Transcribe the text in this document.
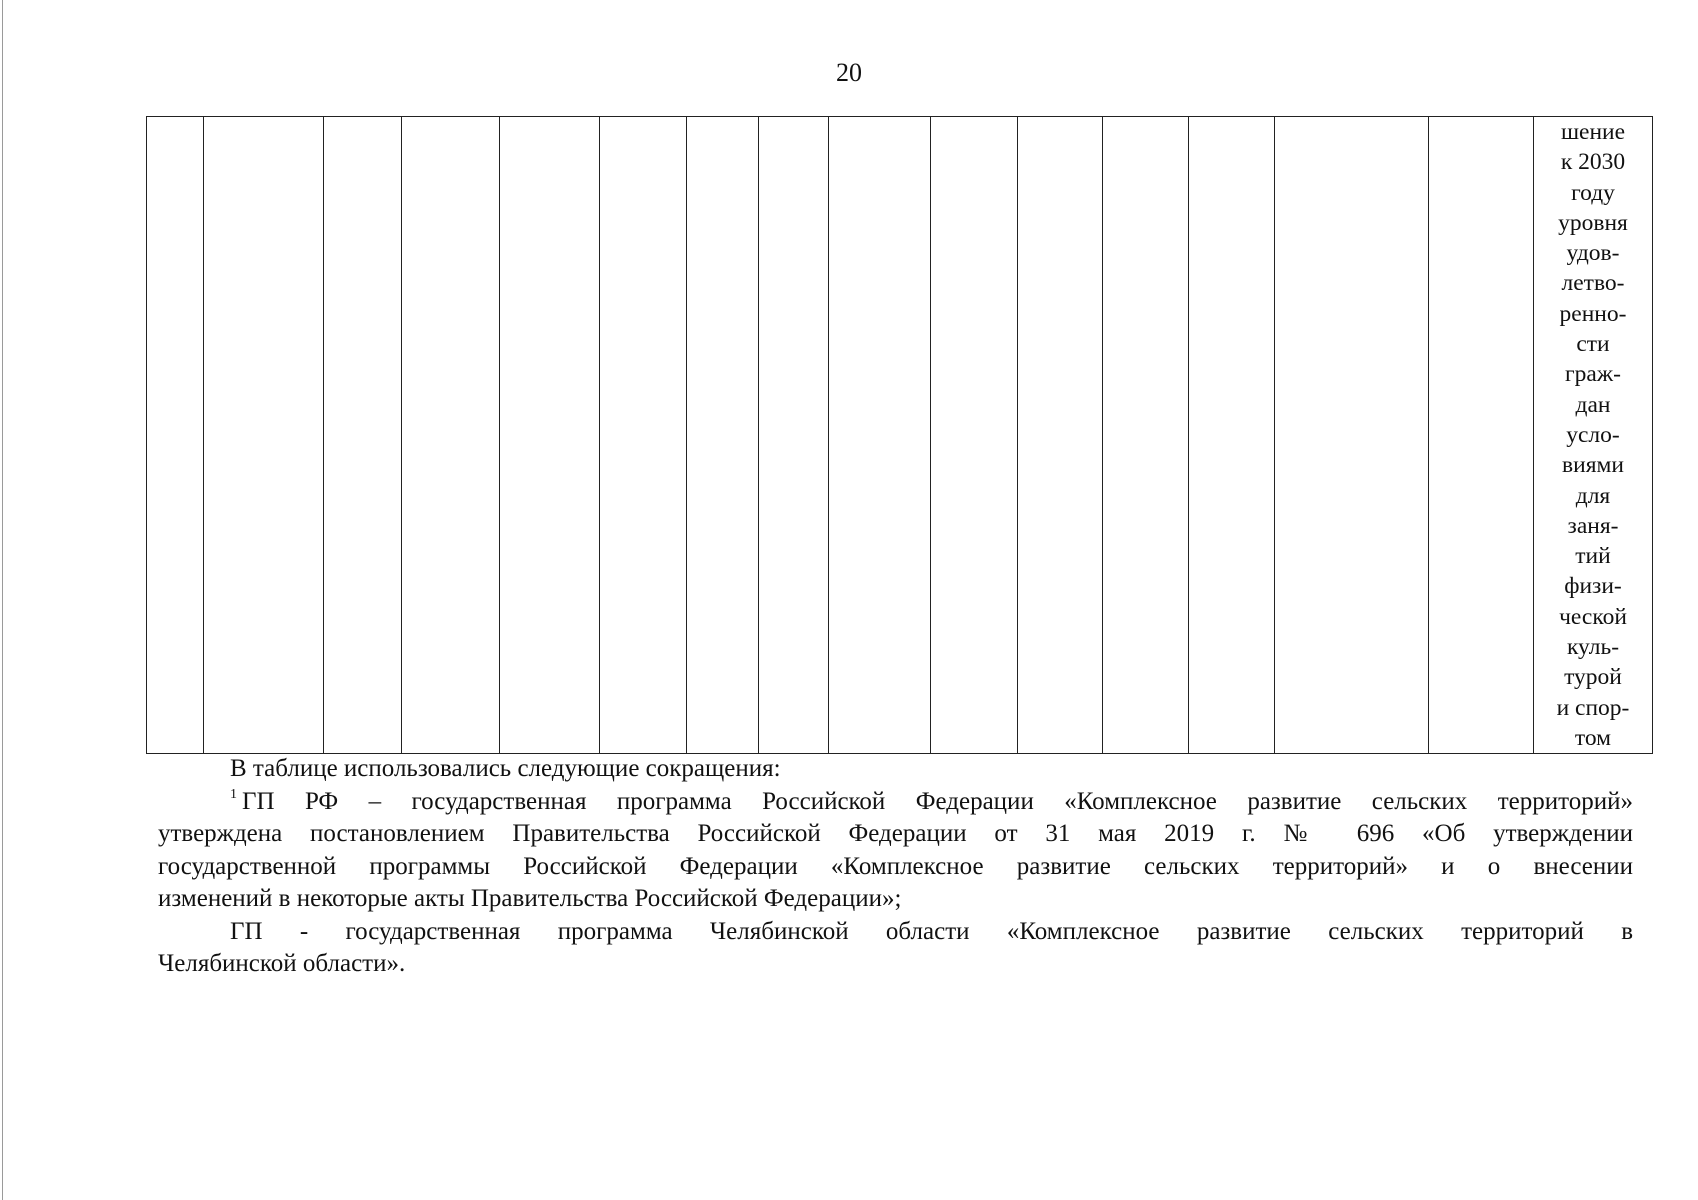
20

шение
к 2030
году
уровня
удов-
летво-
реннo-
сти
граж-
дан
усло-
виями
для
заня-
тий
физи-
ческой
куль-
турой
и спор-
том
В таблице использовались следующие сокращения:
$^1$ ГП РФ – государственная программа Российской Федерации «Комплексное развитие сельских территорий»
утверждена постановлением Правительства Российской Федерации от 31 мая 2019 г. № 696 «Об утверждении
государственной программы Российской Федерации «Комплексное развитие сельских территорий» и о внесении
изменений в некоторые акты Правительства Российской Федерации»;
ГП - государственная программа Челябинской области «Комплексное развитие сельских территорий в
Челябинской области».
